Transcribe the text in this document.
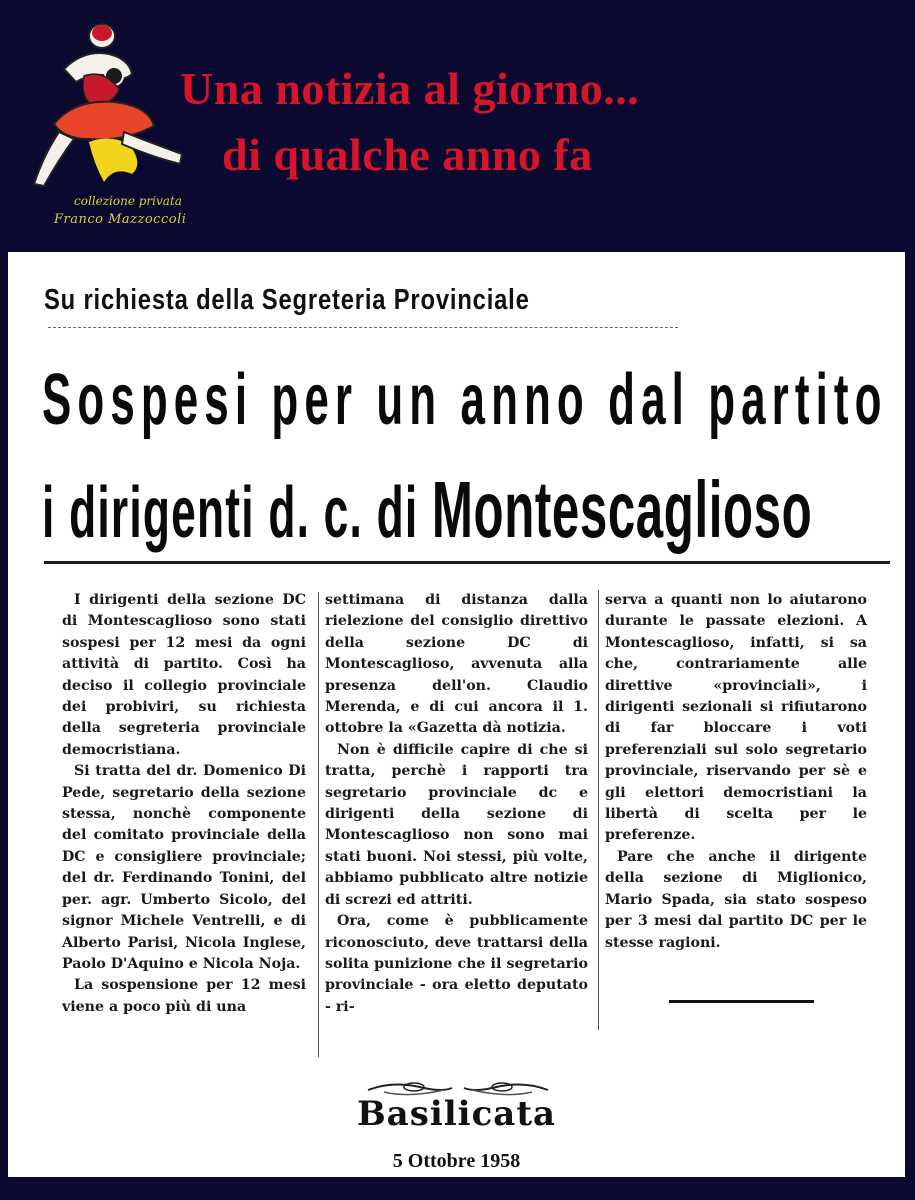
collezione privata
Franco Mazzoccoli
Una notizia al giorno...
di qualche anno fa
Su richiesta della Segreteria Provinciale
Sospesi per un anno dal partito
i dirigenti d. c. di Montescaglioso

I dirigenti della sezione DC di Montescaglioso sono stati sospesi per 12 mesi da ogni attività di partito. Così ha deciso il collegio provinciale dei probiviri, su richiesta della segreteria provinciale democristiana.

Si tratta del dr. Domenico Di Pede, segretario della sezione stessa, nonchè componente del comitato provinciale della DC e consigliere provinciale; del dr. Ferdinando Tonini, del per. agr. Umberto Sicolo, del signor Michele Ventrelli, e di Alberto Parisi, Nicola Inglese, Paolo D'Aquino e Nicola Noja.

La sospensione per 12 mesi viene a poco più di una

settimana di distanza dalla rielezione del consiglio direttivo della sezione DC di Montescaglioso, avvenuta alla presenza dell'on. Claudio Merenda, e di cui ancora il 1. ottobre la «Gazetta dà notizia.

Non è difficile capire di che si tratta, perchè i rapporti tra segretario provinciale dc e dirigenti della sezione di Montescaglioso non sono mai stati buoni. Noi stessi, più volte, abbiamo pubblicato altre notizie di screzi ed attriti.

Ora, come è pubblicamente riconosciuto, deve trattarsi della solita punizione che il segretario provinciale - ora eletto deputato - ri-

serva a quanti non lo aiutarono durante le passate elezioni. A Montescaglioso, infatti, si sa che, contrariamente alle direttive «provinciali», i dirigenti sezionali si rifiutarono di far bloccare i voti preferenziali sul solo segretario provinciale, riservando per sè e gli elettori democristiani la libertà di scelta per le preferenze.

Pare che anche il dirigente della sezione di Miglionico, Mario Spada, sia stato sospeso per 3 mesi dal partito DC per le stesse ragioni.

Basilicata
5 Ottobre 1958
